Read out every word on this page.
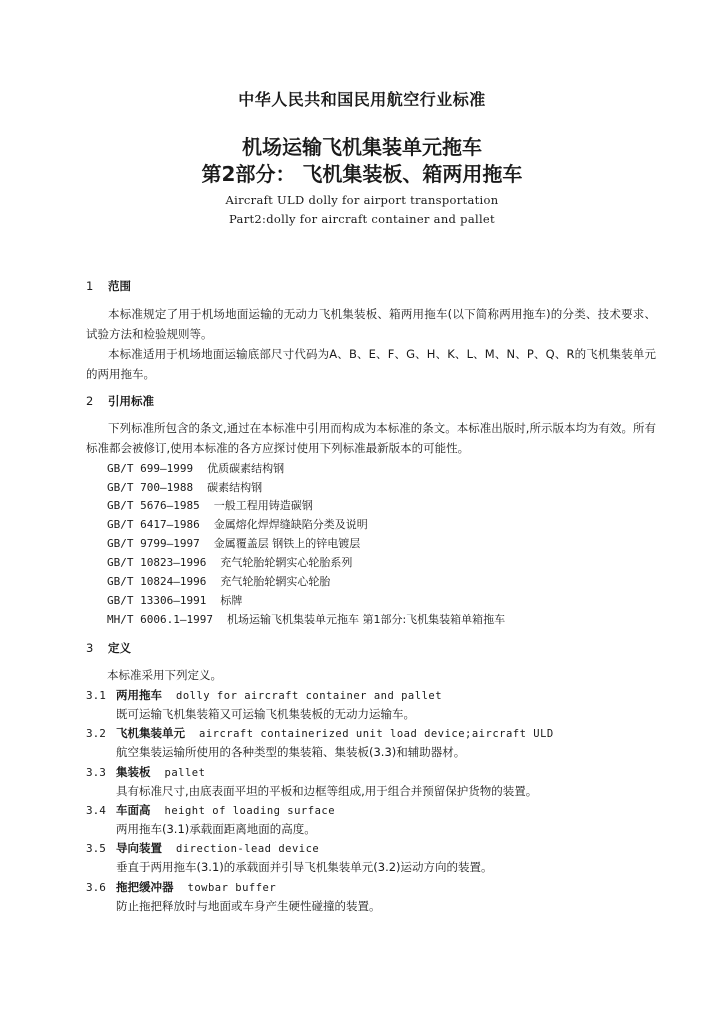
中华人民共和国民用航空行业标准
机场运输飞机集装单元拖车
第2部分： 飞机集装板、箱两用拖车
Aircraft ULD dolly for airport transportation
Part2:dolly for aircraft container and pallet
1 范围
本标准规定了用于机场地面运输的无动力飞机集装板、箱两用拖车(以下简称两用拖车)的分类、技术要求、试验方法和检验规则等。
本标准适用于机场地面运输底部尺寸代码为A、B、E、F、G、H、K、L、M、N、P、Q、R的飞机集装单元的两用拖车。
2 引用标准
下列标准所包含的条文,通过在本标准中引用而构成为本标准的条文。本标准出版时,所示版本均为有效。所有标准都会被修订,使用本标准的各方应探讨使用下列标准最新版本的可能性。
GB/T 699—1999 优质碳素结构钢
GB/T 700—1988 碳素结构钢
GB/T 5676—1985 一般工程用铸造碳钢
GB/T 6417—1986 金属熔化焊焊缝缺陷分类及说明
GB/T 9799—1997 金属覆盖层 钢铁上的锌电镀层
GB/T 10823—1996 充气轮胎轮辋实心轮胎系列
GB/T 10824—1996 充气轮胎轮辋实心轮胎
GB/T 13306—1991 标牌
MH/T 6006.1—1997 机场运输飞机集装单元拖车 第1部分:飞机集装箱单箱拖车
3 定义
本标准采用下列定义。
3.1 两用拖车 dolly for aircraft container and pallet
既可运输飞机集装箱又可运输飞机集装板的无动力运输车。
3.2 飞机集装单元 aircraft containerized unit load device;aircraft ULD
航空集装运输所使用的各种类型的集装箱、集装板(3.3)和辅助器材。
3.3 集装板 pallet
具有标准尺寸,由底表面平坦的平板和边框等组成,用于组合并预留保护货物的装置。
3.4 车面高 height of loading surface
两用拖车(3.1)承载面距离地面的高度。
3.5 导向装置 direction-lead device
垂直于两用拖车(3.1)的承载面并引导飞机集装单元(3.2)运动方向的装置。
3.6 拖把缓冲器 towbar buffer
防止拖把释放时与地面或车身产生硬性碰撞的装置。
